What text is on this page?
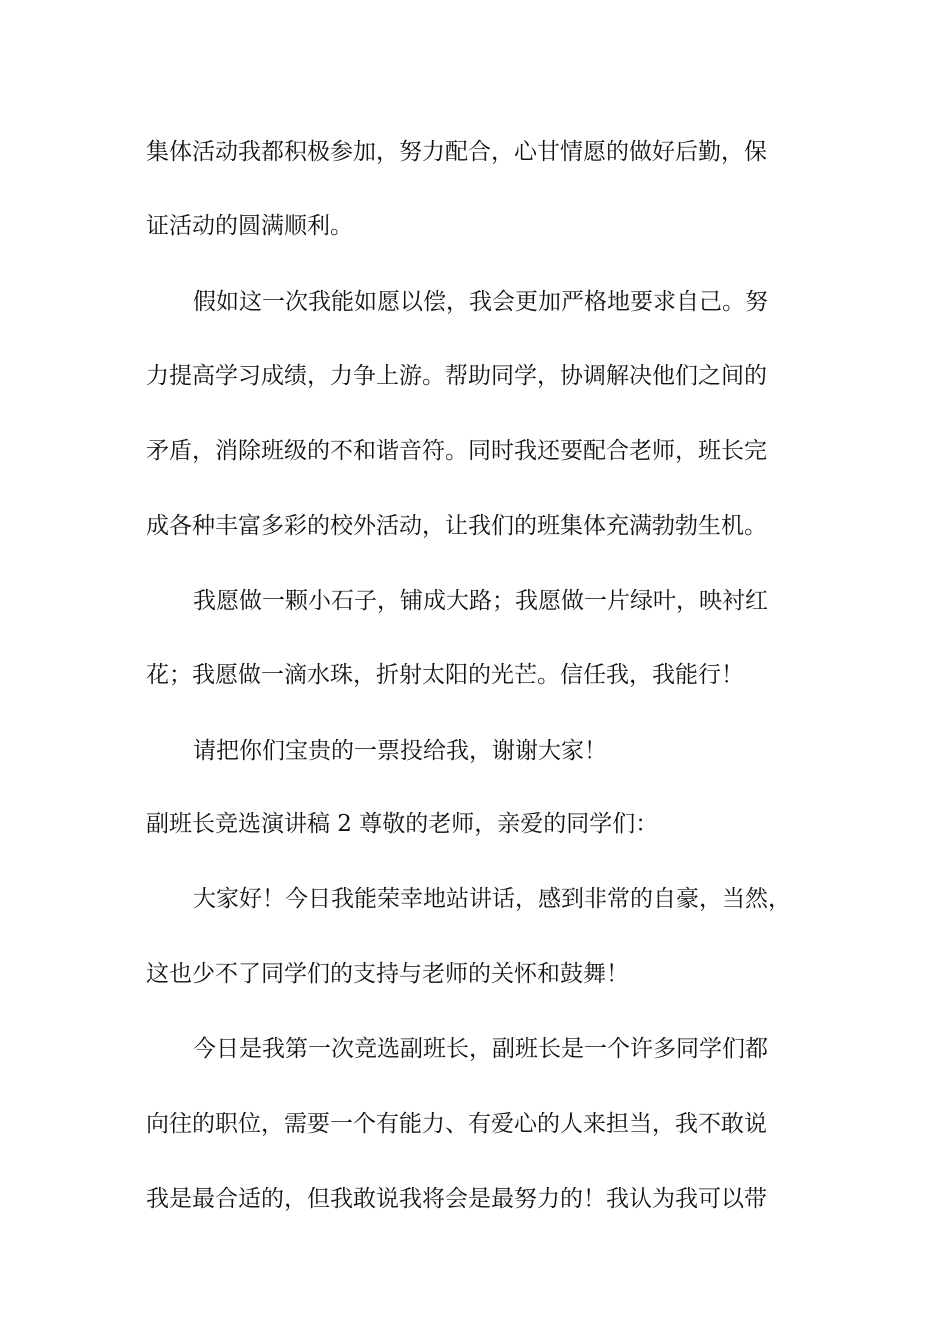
集体活动我都积极参加，努力配合，心甘情愿的做好后勤，保
证活动的圆满顺利。
假如这一次我能如愿以偿，我会更加严格地要求自己。努
力提高学习成绩，力争上游。帮助同学，协调解决他们之间的
矛盾，消除班级的不和谐音符。同时我还要配合老师，班长完
成各种丰富多彩的校外活动，让我们的班集体充满勃勃生机。
我愿做一颗小石子，铺成大路；我愿做一片绿叶，映衬红
花；我愿做一滴水珠，折射太阳的光芒。信任我，我能行！
请把你们宝贵的一票投给我，谢谢大家！
副班长竞选演讲稿 2 尊敬的老师，亲爱的同学们：
大家好！今日我能荣幸地站讲话，感到非常的自豪，当然，
这也少不了同学们的支持与老师的关怀和鼓舞！
今日是我第一次竞选副班长，副班长是一个许多同学们都
向往的职位，需要一个有能力、有爱心的人来担当，我不敢说
我是最合适的，但我敢说我将会是最努力的！我认为我可以带
